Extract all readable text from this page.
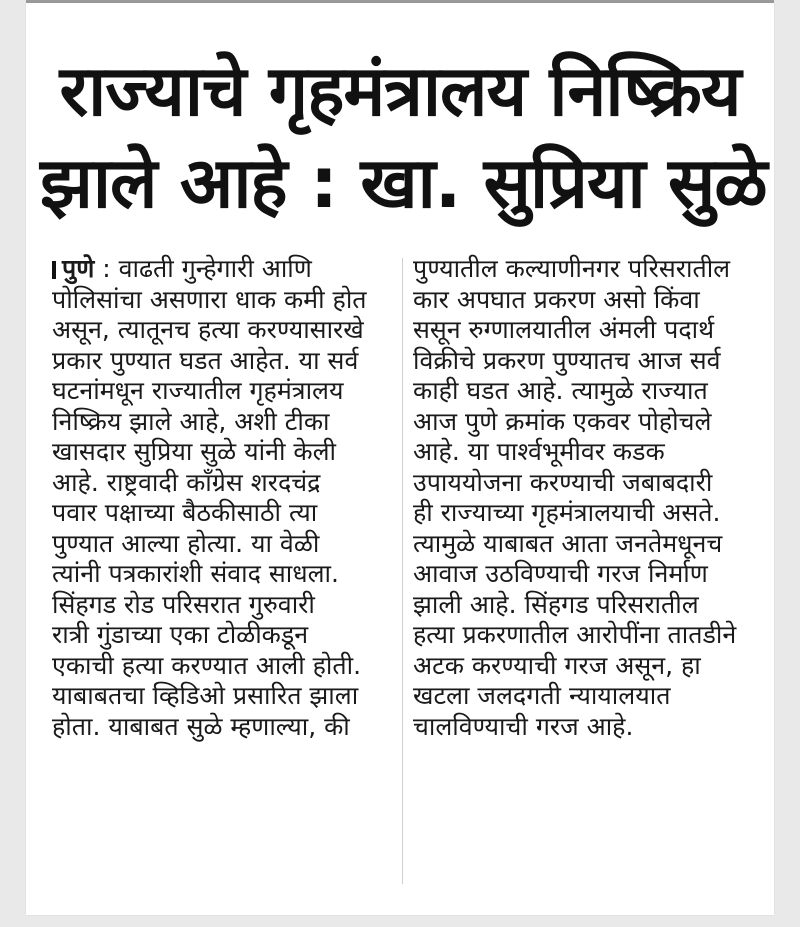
राज्याचे गृहमंत्रालय निष्क्रिय
झाले आहे : खा. सुप्रिया सुळे
पुणे : वाढती गुन्हेगारी आणि
पोलिसांचा असणारा धाक कमी होत
असून, त्यातूनच हत्या करण्यासारखे
प्रकार पुण्यात घडत आहेत. या सर्व
घटनांमधून राज्यातील गृहमंत्रालय
निष्क्रिय झाले आहे, अशी टीका
खासदार सुप्रिया सुळे यांनी केली
आहे. राष्ट्रवादी काँग्रेस शरदचंद्र
पवार पक्षाच्या बैठकीसाठी त्या
पुण्यात आल्या होत्या. या वेळी
त्यांनी पत्रकारांशी संवाद साधला.
सिंहगड रोड परिसरात गुरुवारी
रात्री गुंडाच्या एका टोळीकडून
एकाची हत्या करण्यात आली होती.
याबाबतचा व्हिडिओ प्रसारित झाला
होता. याबाबत सुळे म्हणाल्या, की
पुण्यातील कल्याणीनगर परिसरातील
कार अपघात प्रकरण असो किंवा
ससून रुग्णालयातील अंमली पदार्थ
विक्रीचे प्रकरण पुण्यातच आज सर्व
काही घडत आहे. त्यामुळे राज्यात
आज पुणे क्रमांक एकवर पोहोचले
आहे. या पार्श्वभूमीवर कडक
उपाययोजना करण्याची जबाबदारी
ही राज्याच्या गृहमंत्रालयाची असते.
त्यामुळे याबाबत आता जनतेमधूनच
आवाज उठविण्याची गरज निर्माण
झाली आहे. सिंहगड परिसरातील
हत्या प्रकरणातील आरोपींना तातडीने
अटक करण्याची गरज असून, हा
खटला जलदगती न्यायालयात
चालविण्याची गरज आहे.
